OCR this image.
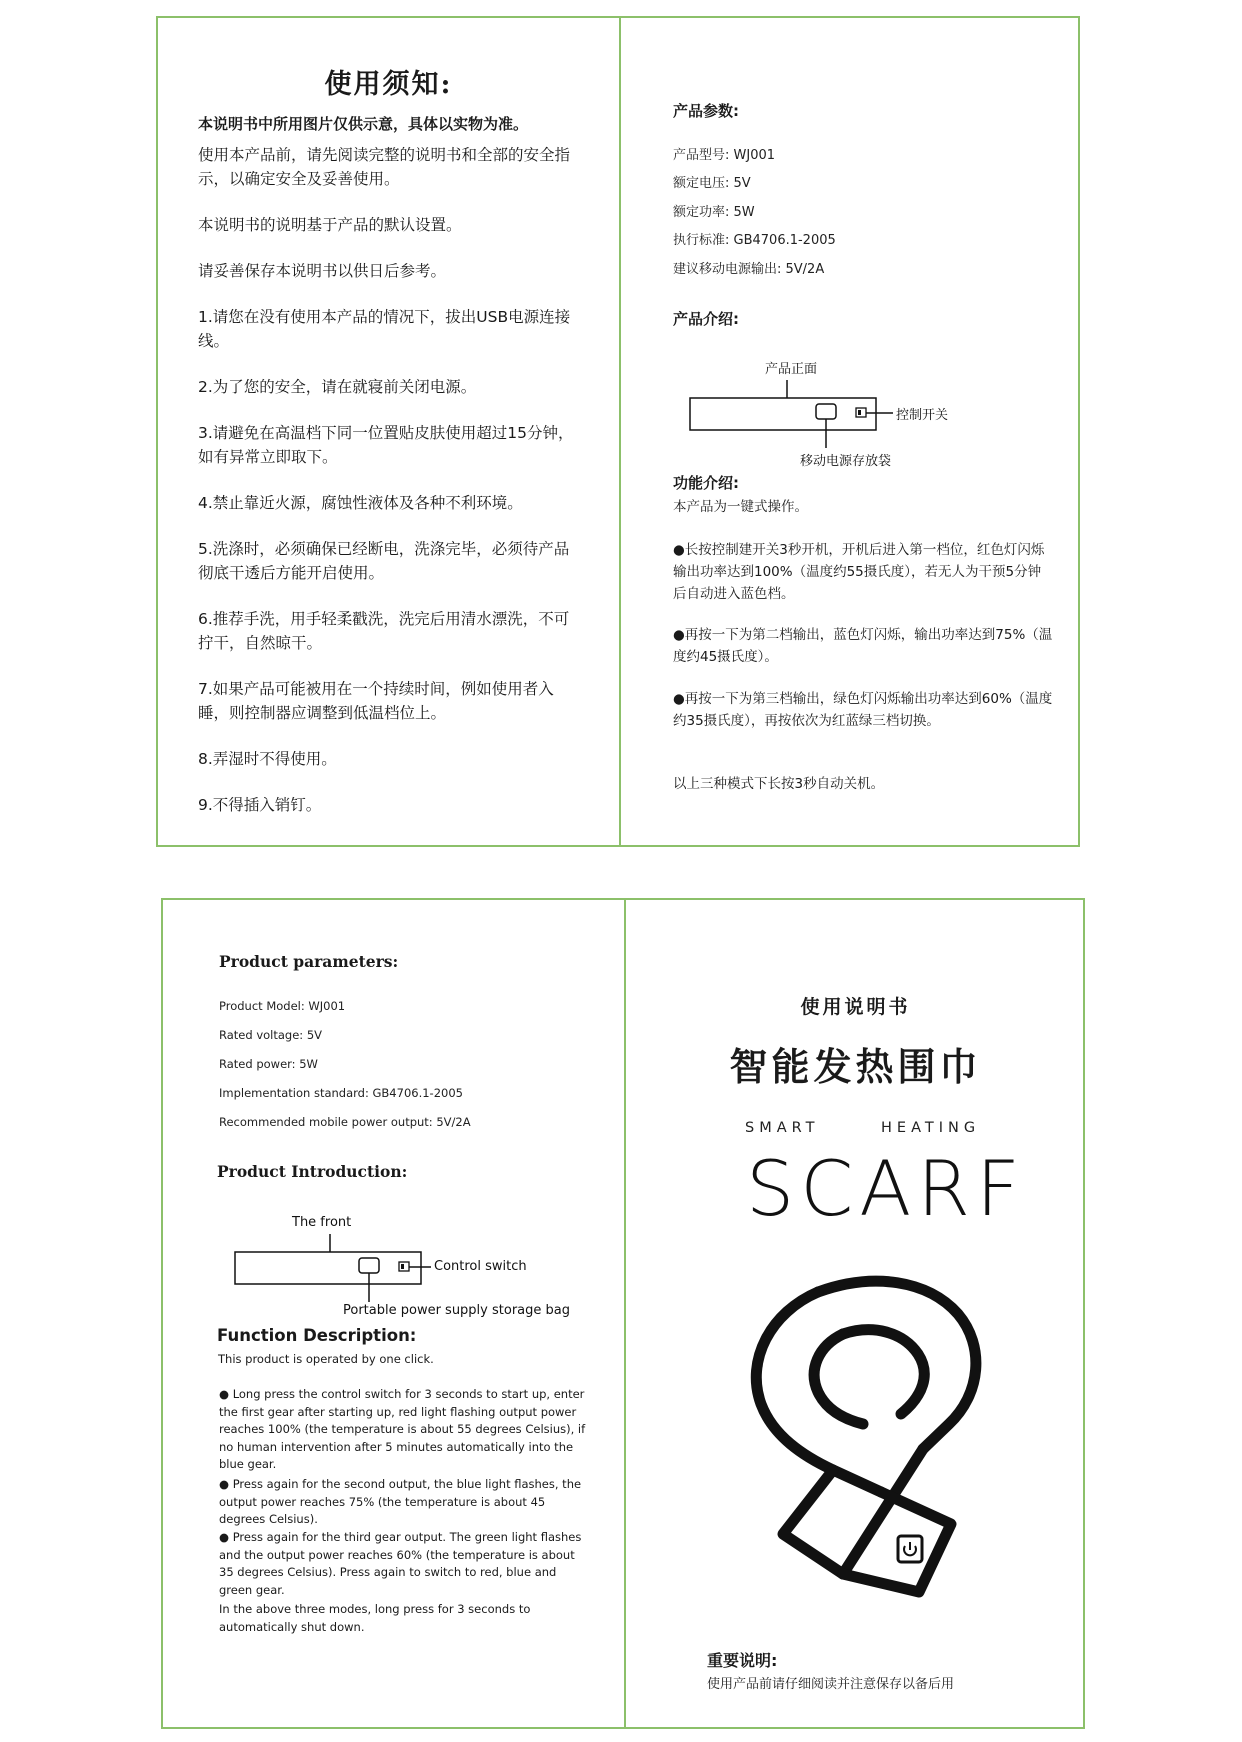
使用须知:
本说明书中所用图片仅供示意，具体以实物为准。
使用本产品前，请先阅读完整的说明书和全部的安全指示，以确定安全及妥善使用。
本说明书的说明基于产品的默认设置。
请妥善保存本说明书以供日后参考。
1.请您在没有使用本产品的情况下，拔出USB电源连接线。
2.为了您的安全，请在就寝前关闭电源。
3.请避免在高温档下同一位置贴皮肤使用超过15分钟，如有异常立即取下。
4.禁止靠近火源，腐蚀性液体及各种不利环境。
5.洗涤时，必须确保已经断电，洗涤完毕，必须待产品彻底干透后方能开启使用。
6.推荐手洗，用手轻柔戳洗，洗完后用清水漂洗，不可拧干，自然晾干。
7.如果产品可能被用在一个持续时间，例如使用者入睡，则控制器应调整到低温档位上。
8.弄湿时不得使用。
9.不得插入销钉。
产品参数:
产品型号: WJ001
额定电压: 5V
额定功率: 5W
执行标准: GB4706.1-2005
建议移动电源输出: 5V/2A
产品介绍:
产品正面
控制开关
移动电源存放袋
功能介绍:
本产品为一键式操作。
●长按控制建开关3秒开机，开机后进入第一档位，红色灯闪烁输出功率达到100%（温度约55摄氏度），若无人为干预5分钟后自动进入蓝色档。
●再按一下为第二档输出，蓝色灯闪烁，输出功率达到75%（温度约45摄氏度）。
●再按一下为第三档输出，绿色灯闪烁输出功率达到60%（温度约35摄氏度），再按依次为红蓝绿三档切换。
以上三种模式下长按3秒自动关机。
Product parameters:
Product Model: WJ001
Rated voltage: 5V
Rated power: 5W
Implementation standard: GB4706.1-2005
Recommended mobile power output: 5V/2A
Product Introduction:
The front
Control switch
Portable power supply storage bag
Function Description:
This product is operated by one click.
● Long press the control switch for 3 seconds to start up, enter the first gear after starting up, red light flashing output power reaches 100% (the temperature is about 55 degrees Celsius), if no human intervention after 5 minutes automatically into the blue gear.
● Press again for the second output, the blue light flashes, the output power reaches 75% (the temperature is about 45 degrees Celsius).
● Press again for the third gear output. The green light flashes and the output power reaches 60% (the temperature is about 35 degrees Celsius). Press again to switch to red, blue and green gear.
In the above three modes, long press for 3 seconds to automatically shut down.
使用说明书
智能发热围巾
SMART	HEATING
SCARF
重要说明:
使用产品前请仔细阅读并注意保存以备后用
